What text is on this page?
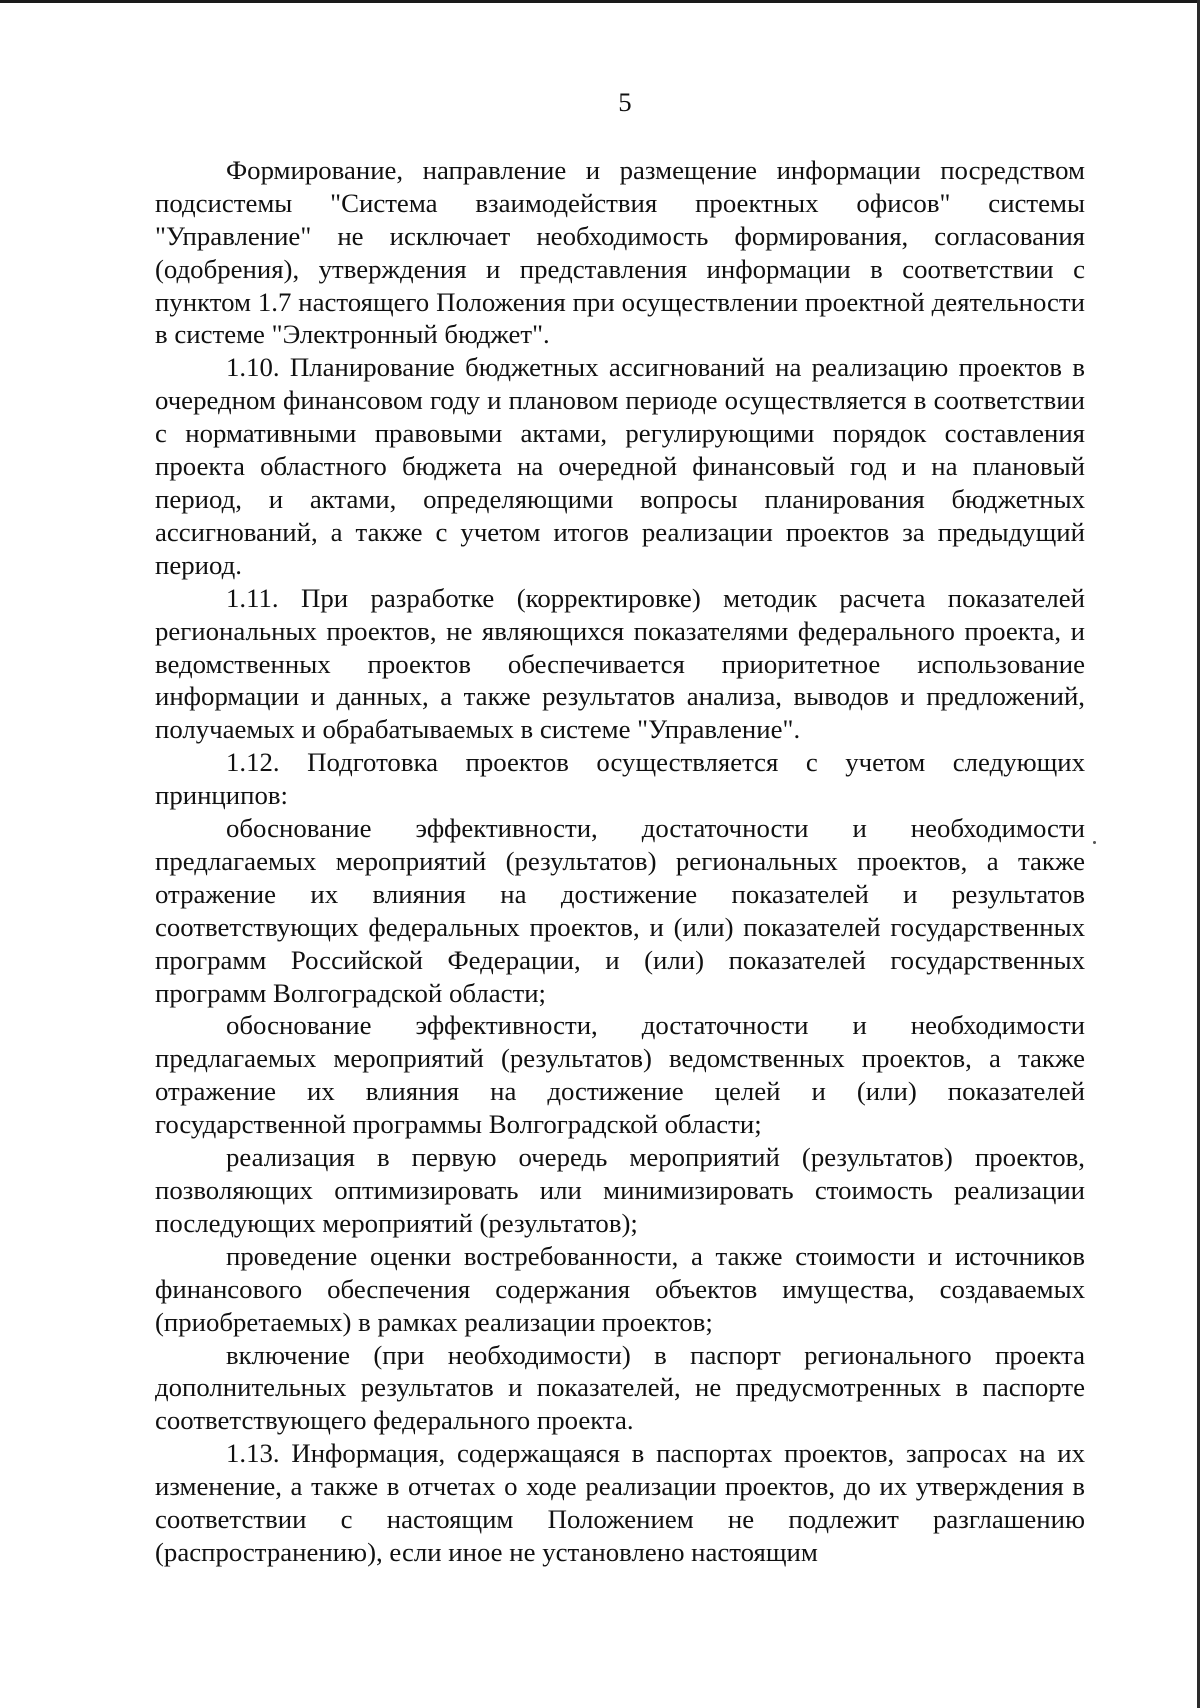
5

Формирование, направление и размещение информации посредством подсистемы "Система взаимодействия проектных офисов" системы "Управление" не исключает необходимость формирования, согласования (одобрения), утверждения и представления информации в соответствии с пунктом 1.7 настоящего Положения при осуществлении проектной деятельности в системе "Электронный бюджет".

1.10. Планирование бюджетных ассигнований на реализацию проектов в очередном финансовом году и плановом периоде осуществляется в соответствии с нормативными правовыми актами, регулирующими порядок составления проекта областного бюджета на очередной финансовый год и на плановый период, и актами, определяющими вопросы планирования бюджетных ассигнований, а также с учетом итогов реализации проектов за предыдущий период.

1.11. При разработке (корректировке) методик расчета показателей региональных проектов, не являющихся показателями федерального проекта, и ведомственных проектов обеспечивается приоритетное использование информации и данных, а также результатов анализа, выводов и предложений, получаемых и обрабатываемых в системе "Управление".

1.12. Подготовка проектов осуществляется с учетом следующих принципов:

обоснование эффективности, достаточности и необходимости предлагаемых мероприятий (результатов) региональных проектов, а также отражение их влияния на достижение показателей и результатов соответствующих федеральных проектов, и (или) показателей государственных программ Российской Федерации, и (или) показателей государственных программ Волгоградской области;

обоснование эффективности, достаточности и необходимости предлагаемых мероприятий (результатов) ведомственных проектов, а также отражение их влияния на достижение целей и (или) показателей государственной программы Волгоградской области;

реализация в первую очередь мероприятий (результатов) проектов, позволяющих оптимизировать или минимизировать стоимость реализации последующих мероприятий (результатов);

проведение оценки востребованности, а также стоимости и источников финансового обеспечения содержания объектов имущества, создаваемых (приобретаемых) в рамках реализации проектов;

включение (при необходимости) в паспорт регионального проекта дополнительных результатов и показателей, не предусмотренных в паспорте соответствующего федерального проекта.

1.13. Информация, содержащаяся в паспортах проектов, запросах на их изменение, а также в отчетах о ходе реализации проектов, до их утверждения в соответствии с настоящим Положением не подлежит разглашению (распространению), если иное не установлено настоящим
